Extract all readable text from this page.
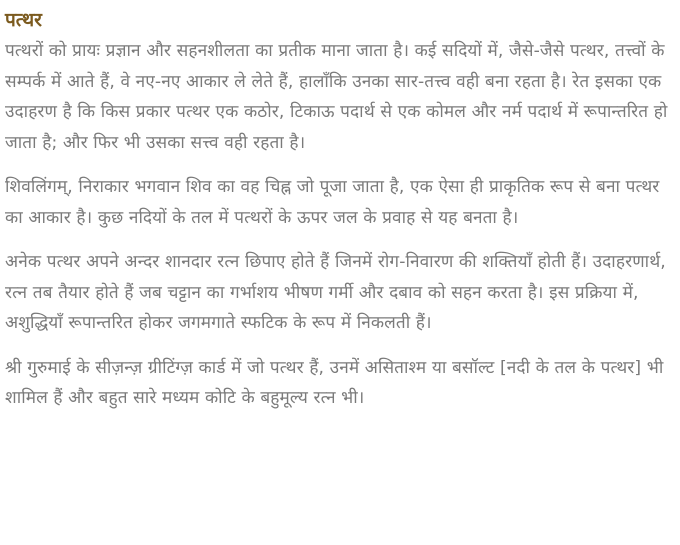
पत्थर

पत्थरों को प्रायः प्रज्ञान और सहनशीलता का प्रतीक माना जाता है। कई सदियों में, जैसे-जैसे पत्थर, तत्त्वों के सम्पर्क में आते हैं, वे नए-नए आकार ले लेते हैं, हालाँकि उनका सार-तत्त्व वही बना रहता है। रेत इसका एक उदाहरण है कि किस प्रकार पत्थर एक कठोर, टिकाऊ पदार्थ से एक कोमल और नर्म पदार्थ में रूपान्तरित हो जाता है; और फिर भी उसका सत्त्व वही रहता है।

शिवलिंगम्, निराकार भगवान शिव का वह चिह्न जो पूजा जाता है, एक ऐसा ही प्राकृतिक रूप से बना पत्थर का आकार है। कुछ नदियों के तल में पत्थरों के ऊपर जल के प्रवाह से यह बनता है।

अनेक पत्थर अपने अन्दर शानदार रत्न छिपाए होते हैं जिनमें रोग-निवारण की शक्तियाँ होती हैं। उदाहरणार्थ, रत्न तब तैयार होते हैं जब चट्टान का गर्भाशय भीषण गर्मी और दबाव को सहन करता है। इस प्रक्रिया में, अशुद्धियाँ रूपान्तरित होकर जगमगाते स्फटिक के रूप में निकलती हैं।

श्री गुरुमाई के सीज़न्ज़ ग्रीटिंग्ज़ कार्ड में जो पत्थर हैं, उनमें असिताश्म या बसॉल्ट [नदी के तल के पत्थर] भी शामिल हैं और बहुत सारे मध्यम कोटि के बहुमूल्य रत्न भी।
